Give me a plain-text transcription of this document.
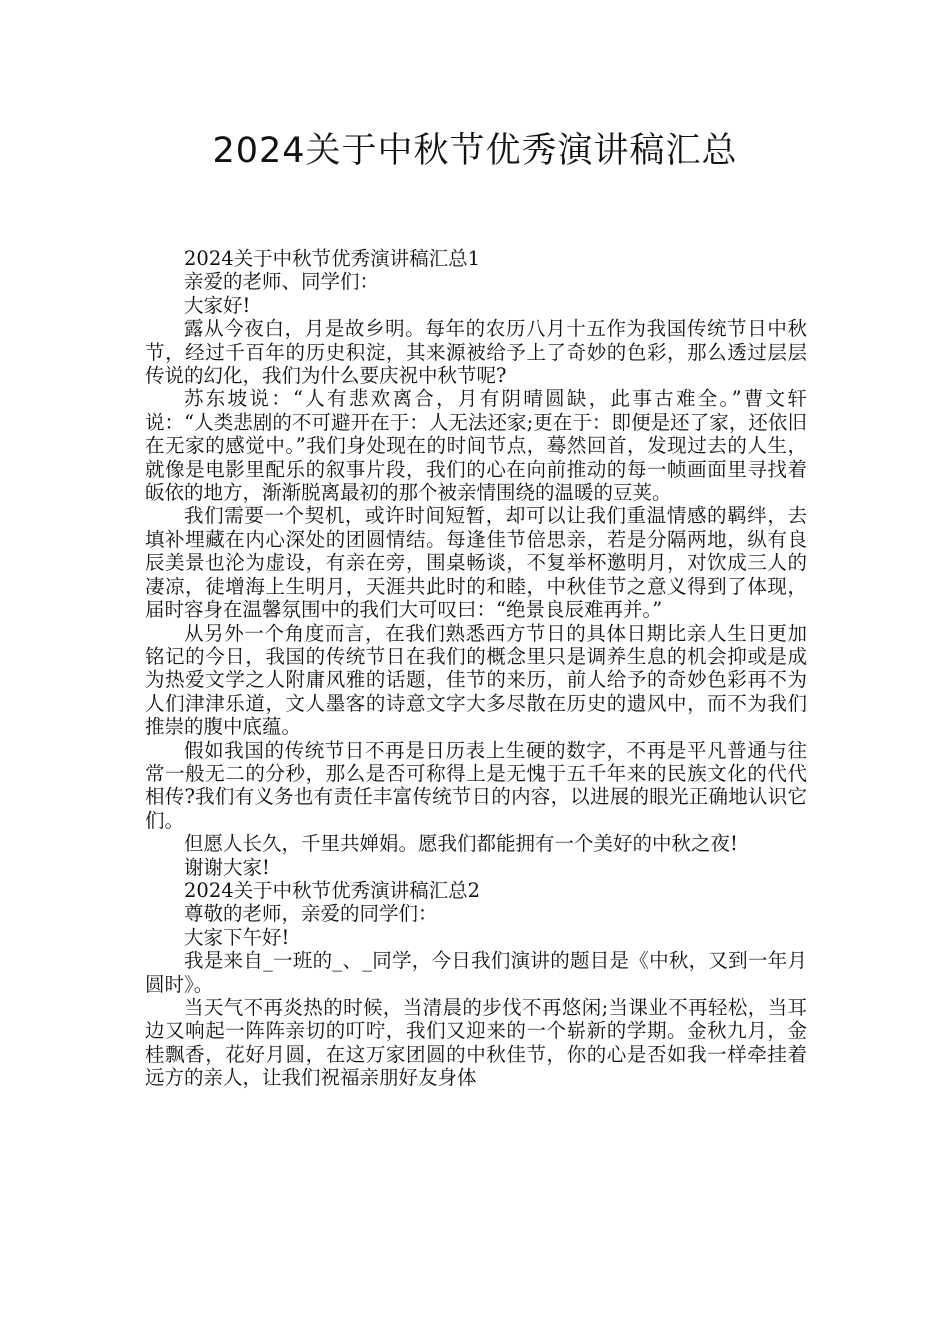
2024关于中秋节优秀演讲稿汇总

2024关于中秋节优秀演讲稿汇总1

亲爱的老师、同学们：

大家好!

露从今夜白，月是故乡明。每年的农历八月十五作为我国传统节日中秋节，经过千百年的历史积淀，其来源被给予上了奇妙的色彩，那么透过层层传说的幻化，我们为什么要庆祝中秋节呢?

苏东坡说：“人有悲欢离合，月有阴晴圆缺，此事古难全。”曹文轩说：“人类悲剧的不可避开在于：人无法还家;更在于：即便是还了家，还依旧在无家的感觉中。”我们身处现在的时间节点，蓦然回首，发现过去的人生，就像是电影里配乐的叙事片段，我们的心在向前推动的每一帧画面里寻找着皈依的地方，渐渐脱离最初的那个被亲情围绕的温暖的豆荚。

我们需要一个契机，或许时间短暂，却可以让我们重温情感的羁绊，去填补埋藏在内心深处的团圆情结。每逢佳节倍思亲，若是分隔两地，纵有良辰美景也沦为虚设，有亲在旁，围桌畅谈，不复举杯邀明月，对饮成三人的凄凉，徒增海上生明月，天涯共此时的和睦，中秋佳节之意义得到了体现，届时容身在温馨氛围中的我们大可叹曰：“绝景良辰难再并。”

从另外一个角度而言，在我们熟悉西方节日的具体日期比亲人生日更加铭记的今日，我国的传统节日在我们的概念里只是调养生息的机会抑或是成为热爱文学之人附庸风雅的话题，佳节的来历，前人给予的奇妙色彩再不为人们津津乐道，文人墨客的诗意文字大多尽散在历史的遗风中，而不为我们推崇的腹中底蕴。

假如我国的传统节日不再是日历表上生硬的数字，不再是平凡普通与往常一般无二的分秒，那么是否可称得上是无愧于五千年来的民族文化的代代相传?我们有义务也有责任丰富传统节日的内容，以进展的眼光正确地认识它们。

但愿人长久，千里共婵娟。愿我们都能拥有一个美好的中秋之夜!

谢谢大家!

2024关于中秋节优秀演讲稿汇总2

尊敬的老师，亲爱的同学们：

大家下午好!

我是来自_一班的_、_同学，今日我们演讲的题目是《中秋，又到一年月圆时》。

当天气不再炎热的时候，当清晨的步伐不再悠闲;当课业不再轻松，当耳边又响起一阵阵亲切的叮咛，我们又迎来的一个崭新的学期。金秋九月，金桂飘香，花好月圆，在这万家团圆的中秋佳节，你的心是否如我一样牵挂着远方的亲人，让我们祝福亲朋好友身体
